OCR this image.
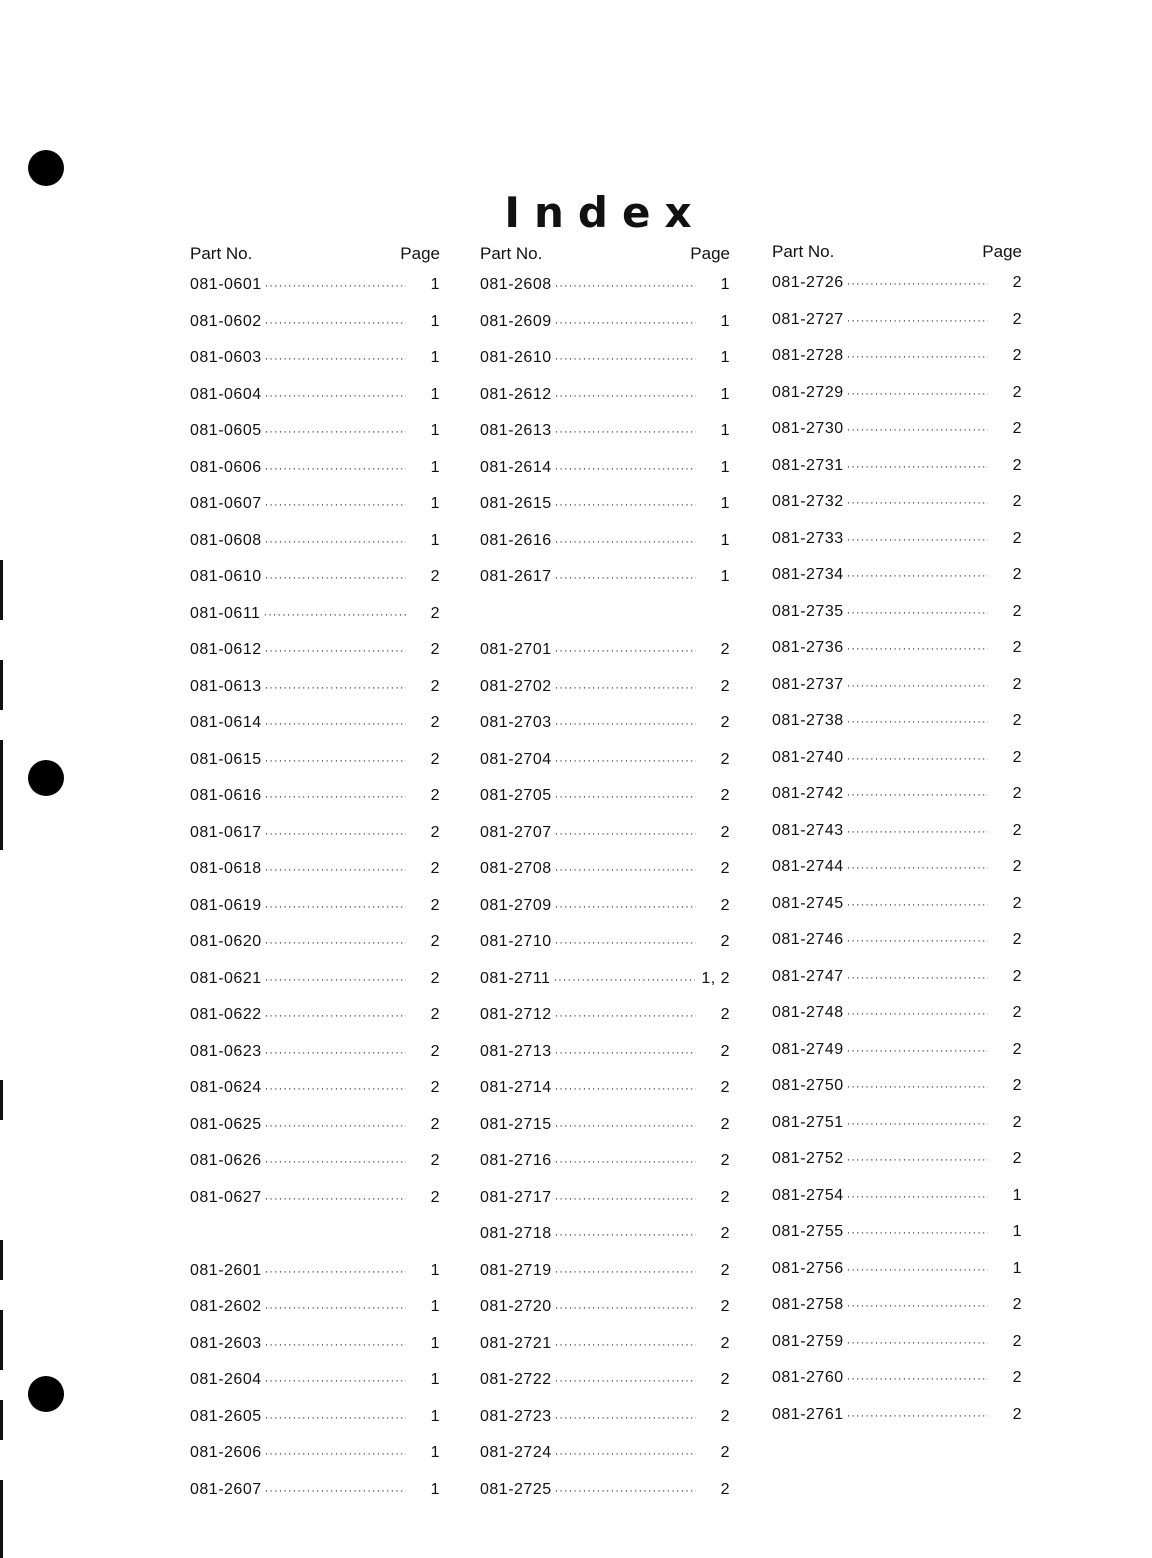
Index
Part No.	Page
081-0601 ·····	1
081-0602 ·····	1
081-0603 ·····	1
081-0604 ·····	1
081-0605 ·····	1
081-0606 ·····	1
081-0607 ·····	1
081-0608 ·····	1
081-0610 ·····	2
081-0611 ·····	2
081-0612 ·····	2
081-0613 ·····	2
081-0614 ·····	2
081-0615 ·····	2
081-0616 ·····	2
081-0617 ·····	2
081-0618 ·····	2
081-0619 ·····	2
081-0620 ·····	2
081-0621 ·····	2
081-0622 ·····	2
081-0623 ·····	2
081-0624 ·····	2
081-0625 ·····	2
081-0626 ·····	2
081-0627 ·····	2
081-2601 ·····	1
081-2602 ·····	1
081-2603 ·····	1
081-2604 ·····	1
081-2605 ·····	1
081-2606 ·····	1
081-2607 ·····	1
Part No.	Page
081-2608 ·····	1
081-2609 ·····	1
081-2610 ·····	1
081-2612 ·····	1
081-2613 ·····	1
081-2614 ·····	1
081-2615 ·····	1
081-2616 ·····	1
081-2617 ·····	1
081-2701 ·····	2
081-2702 ·····	2
081-2703 ·····	2
081-2704 ·····	2
081-2705 ·····	2
081-2707 ·····	2
081-2708 ·····	2
081-2709 ·····	2
081-2710 ·····	2
081-2711 ·····	1, 2
081-2712 ·····	2
081-2713 ·····	2
081-2714 ·····	2
081-2715 ·····	2
081-2716 ·····	2
081-2717 ·····	2
081-2718 ·····	2
081-2719 ·····	2
081-2720 ·····	2
081-2721 ·····	2
081-2722 ·····	2
081-2723 ·····	2
081-2724 ·····	2
081-2725 ·····	2
Part No.	Page
081-2726 ·····	2
081-2727 ·····	2
081-2728 ·····	2
081-2729 ·····	2
081-2730 ·····	2
081-2731 ·····	2
081-2732 ·····	2
081-2733 ·····	2
081-2734 ·····	2
081-2735 ·····	2
081-2736 ·····	2
081-2737 ·····	2
081-2738 ·····	2
081-2740 ·····	2
081-2742 ·····	2
081-2743 ·····	2
081-2744 ·····	2
081-2745 ·····	2
081-2746 ·····	2
081-2747 ·····	2
081-2748 ·····	2
081-2749 ·····	2
081-2750 ·····	2
081-2751 ·····	2
081-2752 ·····	2
081-2754 ·····	1
081-2755 ·····	1
081-2756 ·····	1
081-2758 ·····	2
081-2759 ·····	2
081-2760 ·····	2
081-2761 ·····	2
